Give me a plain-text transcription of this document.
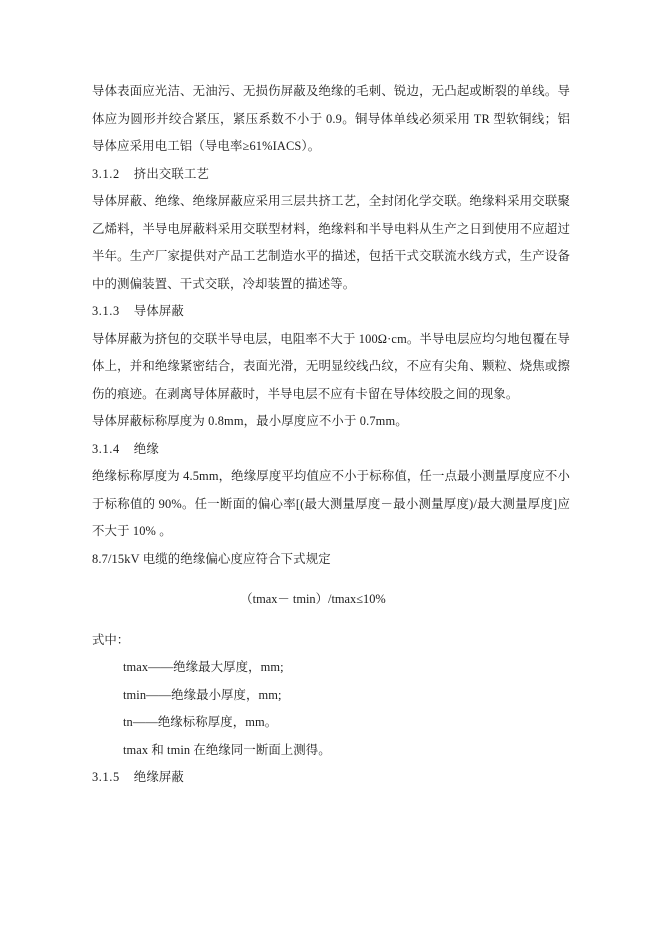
导体表面应光洁、无油污、无损伤屏蔽及绝缘的毛刺、锐边，无凸起或断裂的单线。导体应为圆形并绞合紧压，紧压系数不小于 0.9。铜导体单线必须采用 TR 型软铜线；铝导体应采用电工铝（导电率≥61%IACS）。

3.1.2 挤出交联工艺

导体屏蔽、绝缘、绝缘屏蔽应采用三层共挤工艺，全封闭化学交联。绝缘料采用交联聚乙烯料，半导电屏蔽料采用交联型材料，绝缘料和半导电料从生产之日到使用不应超过半年。生产厂家提供对产品工艺制造水平的描述，包括干式交联流水线方式，生产设备中的测偏装置、干式交联，冷却装置的描述等。

3.1.3 导体屏蔽

导体屏蔽为挤包的交联半导电层，电阻率不大于 100Ω·cm。半导电层应均匀地包覆在导体上，并和绝缘紧密结合，表面光滑，无明显绞线凸纹，不应有尖角、颗粒、烧焦或擦伤的痕迹。在剥离导体屏蔽时，半导电层不应有卡留在导体绞股之间的现象。

导体屏蔽标称厚度为 0.8mm，最小厚度应不小于 0.7mm。

3.1.4 绝缘

绝缘标称厚度为 4.5mm，绝缘厚度平均值应不小于标称值，任一点最小测量厚度应不小于标称值的 90%。任一断面的偏心率[(最大测量厚度－最小测量厚度)/最大测量厚度]应不大于 10% 。

8.7/15kV 电缆的绝缘偏心度应符合下式规定

（tmax－ tmin）/tmax≤10%

式中：

tmax——绝缘最大厚度，mm;

tmin——绝缘最小厚度，mm;

tn——绝缘标称厚度，mm。

tmax 和 tmin 在绝缘同一断面上测得。

3.1.5 绝缘屏蔽
